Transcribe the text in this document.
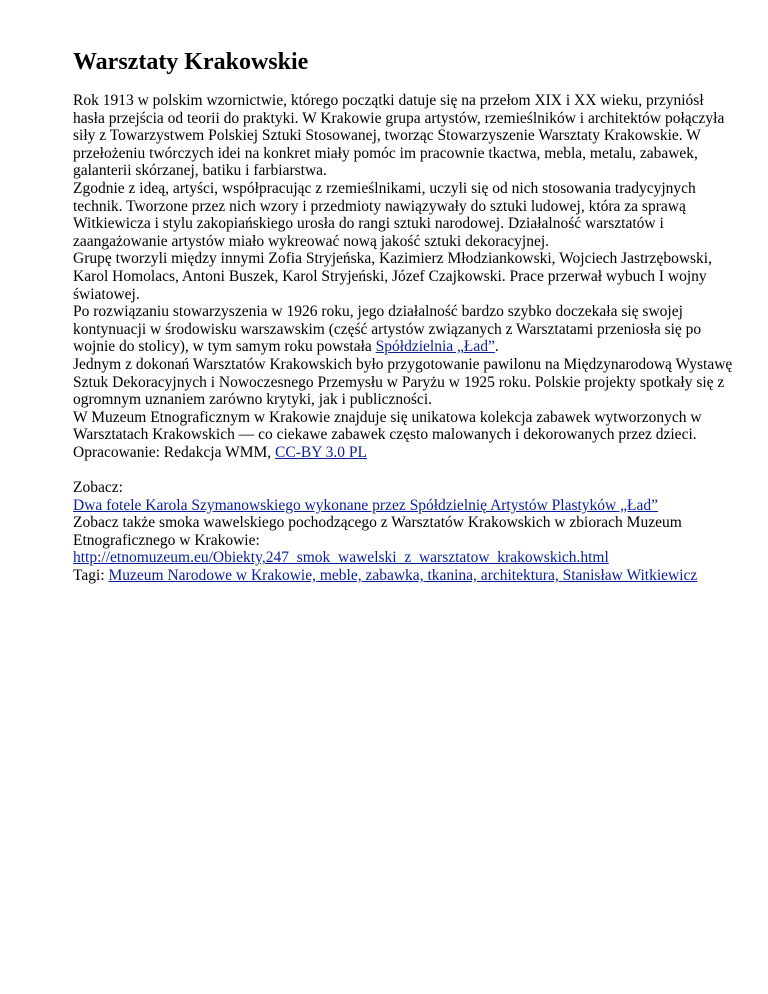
Warsztaty Krakowskie

Rok 1913 w polskim wzornictwie, którego początki datuje się na przełom XIX i XX wieku, przyniósł hasła przejścia od teorii do praktyki. W Krakowie grupa artystów, rzemieślników i architektów połączyła siły z Towarzystwem Polskiej Sztuki Stosowanej, tworząc Stowarzyszenie Warsztaty Krakowskie. W przełożeniu twórczych idei na konkret miały pomóc im pracownie tkactwa, mebla, metalu, zabawek, galanterii skórzanej, batiku i farbiarstwa.

Zgodnie z ideą, artyści, współpracując z rzemieślnikami, uczyli się od nich stosowania tradycyjnych technik. Tworzone przez nich wzory i przedmioty nawiązywały do sztuki ludowej, która za sprawą Witkiewicza i stylu zakopiańskiego urosła do rangi sztuki narodowej. Działalność warsztatów i zaangażowanie artystów miało wykreować nową jakość sztuki dekoracyjnej.

Grupę tworzyli między innymi Zofia Stryjeńska, Kazimierz Młodziankowski, Wojciech Jastrzębowski, Karol Homolacs, Antoni Buszek, Karol Stryjeński, Józef Czajkowski. Prace przerwał wybuch I wojny światowej.

Po rozwiązaniu stowarzyszenia w 1926 roku, jego działalność bardzo szybko doczekała się swojej kontynuacji w środowisku warszawskim (część artystów związanych z Warsztatami przeniosła się po wojnie do stolicy), w tym samym roku powstała Spółdzielnia „Ład”.

Jednym z dokonań Warsztatów Krakowskich było przygotowanie pawilonu na Międzynarodową Wystawę Sztuk Dekoracyjnych i Nowoczesnego Przemysłu w Paryżu w 1925 roku. Polskie projekty spotkały się z ogromnym uznaniem zarówno krytyki, jak i publiczności.

W Muzeum Etnograficznym w Krakowie znajduje się unikatowa kolekcja zabawek wytworzonych w Warsztatach Krakowskich — co ciekawe zabawek często malowanych i dekorowanych przez dzieci.

Opracowanie: Redakcja WMM, CC-BY 3.0 PL

Zobacz:

Dwa fotele Karola Szymanowskiego wykonane przez Spółdzielnię Artystów Plastyków „Ład”

Zobacz także smoka wawelskiego pochodzącego z Warsztatów Krakowskich w zbiorach Muzeum Etnograficznego w Krakowie:

http://etnomuzeum.eu/Obiekty,247_smok_wawelski_z_warsztatow_krakowskich.html

Tagi: Muzeum Narodowe w Krakowie, meble, zabawka, tkanina, architektura, Stanisław Witkiewicz
